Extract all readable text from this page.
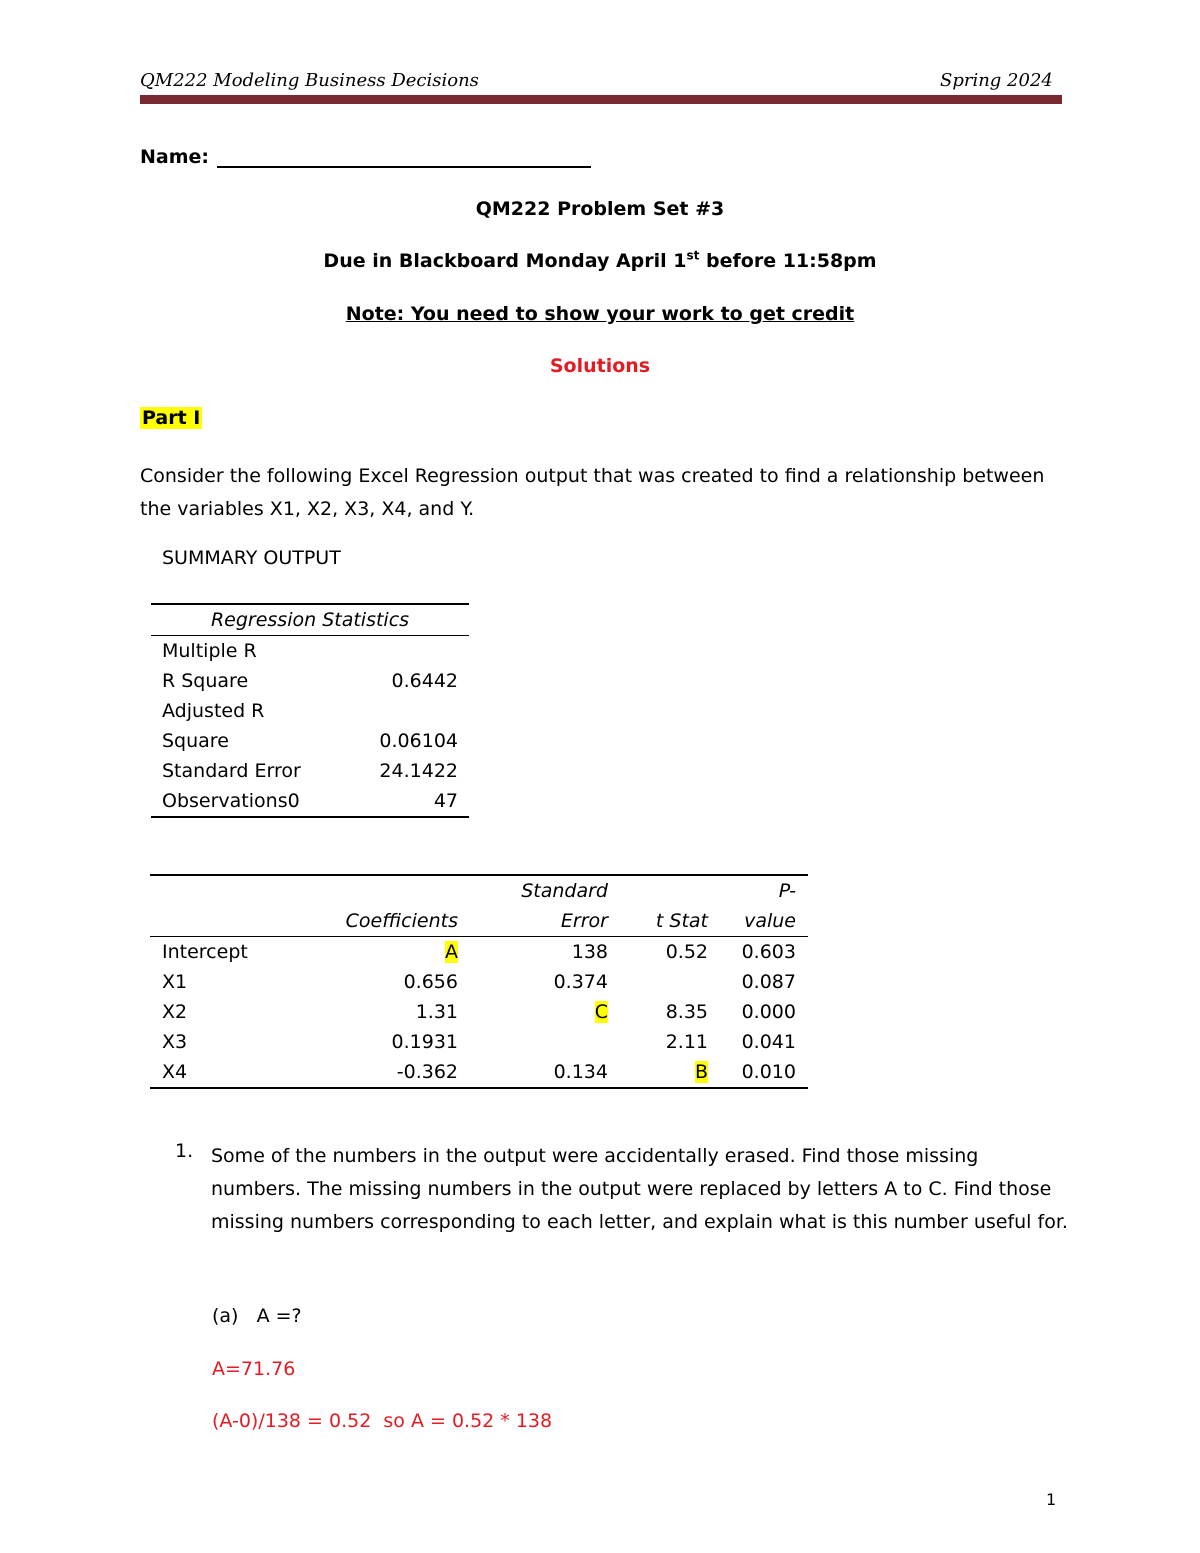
QM222 Modeling Business Decisions	Spring 2024
Name:
QM222 Problem Set #3
Due in Blackboard Monday April 1st before 11:58pm
Note: You need to show your work to get credit
Solutions
Part I
Consider the following Excel Regression output that was created to find a relationship between the variables X1, X2, X3, X4, and Y.
SUMMARY OUTPUT
Regression Statistics	
Multiple R	
R Square	0.6442
Adjusted R	
Square	0.06104
Standard Error	24.1422
Observations0	47
		Standard		P-
	Coefficients	Error	t Stat	value
Intercept	A	138	0.52	0.603
X1	0.656	0.374		0.087
X2	1.31	C	8.35	0.000
X3	0.1931		2.11	0.041
X4	-0.362	0.134	B	0.010
1. Some of the numbers in the output were accidentally erased. Find those missing numbers. The missing numbers in the output were replaced by letters A to C. Find those missing numbers corresponding to each letter, and explain what is this number useful for.
(a) A =?
A=71.76
(A-0)/138 = 0.52  so A = 0.52 * 138
1
